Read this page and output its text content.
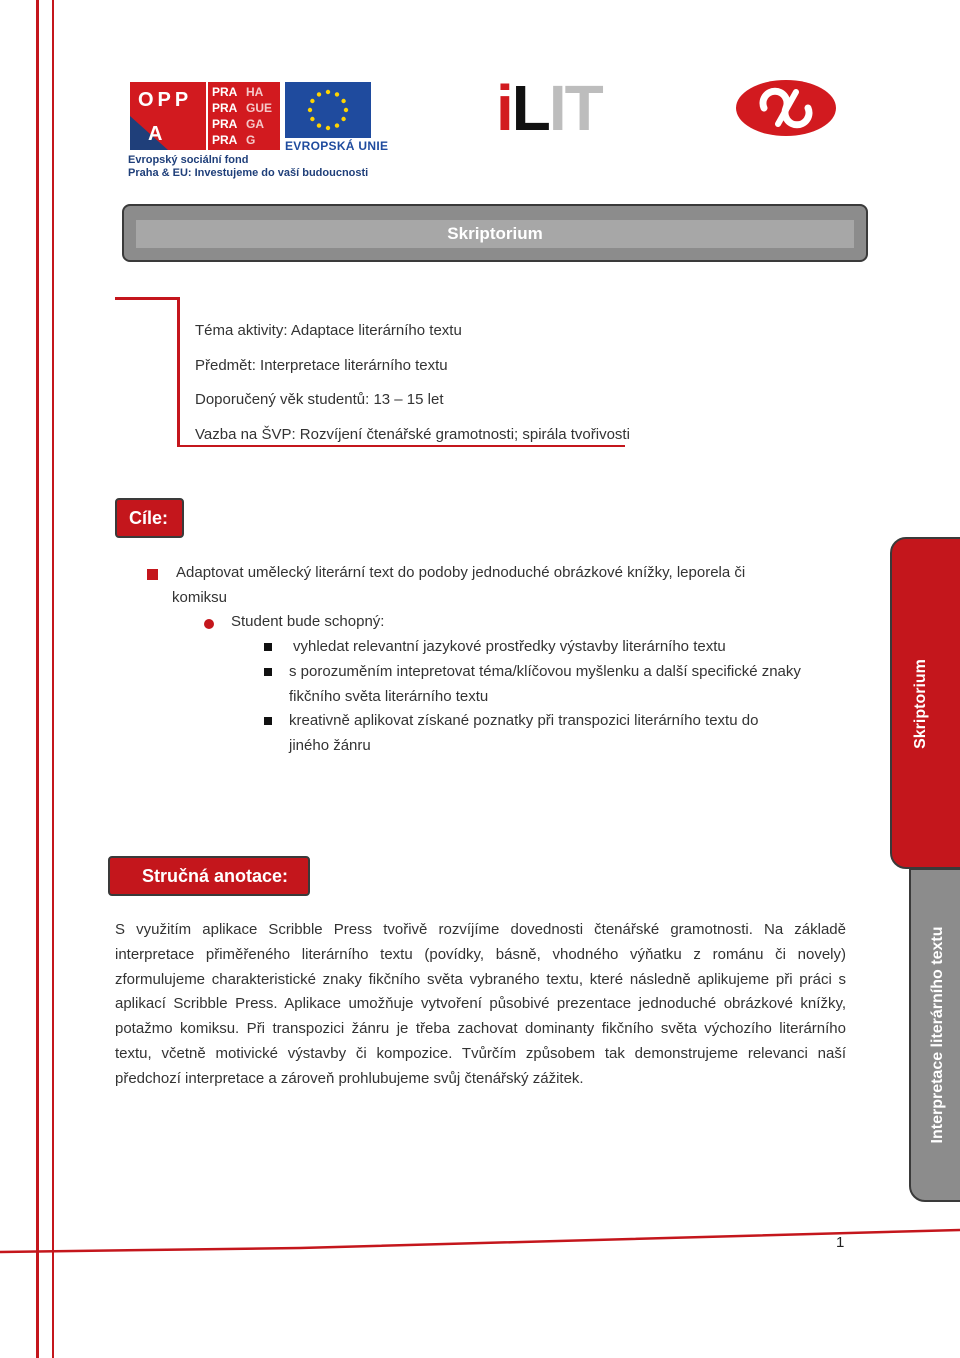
OPP
A
PRA HA
PRA GUE
PRA GA
PRA G EVROPSKÁ UNIE
Evropský sociální fond
Praha & EU: Investujeme do vaší budoucnosti
iLIT
Skriptorium
Téma aktivity: Adaptace literárního textu
Předmět: Interpretace literárního textu
Doporučený věk studentů: 13 – 15 let
Vazba na ŠVP: Rozvíjení čtenářské gramotnosti; spirála tvořivosti
Cíle:
Adaptovat umělecký literární text do podoby jednoduché obrázkové knížky, leporela či
komiksu
Student bude schopný:
vyhledat relevantní jazykové prostředky výstavby literárního textu
s porozuměním intepretovat téma/klíčovou myšlenku a další specifické znaky
fikčního světa literárního textu
kreativně aplikovat získané poznatky při transpozici literárního textu do
jiného žánru
Stručná anotace:
S využitím aplikace Scribble Press tvořivě rozvíjíme dovednosti čtenářské gramotnosti. Na základě interpretace přiměřeného literárního textu (povídky, básně, vhodného výňatku z románu či novely) zformulujeme charakteristické znaky fikčního světa vybraného textu, které následně aplikujeme při práci s aplikací Scribble Press. Aplikace umožňuje vytvoření působivé prezentace jednoduché obrázkové knížky, potažmo komiksu. Při transpozici žánru je třeba zachovat dominanty fikčního světa výchozího literárního textu, včetně motivické výstavby či kompozice. Tvůrčím způsobem tak demonstrujeme relevanci naší předchozí interpretace a zároveň prohlubujeme svůj čtenářský zážitek.
Skriptorium
Interpretace literárního textu
1
